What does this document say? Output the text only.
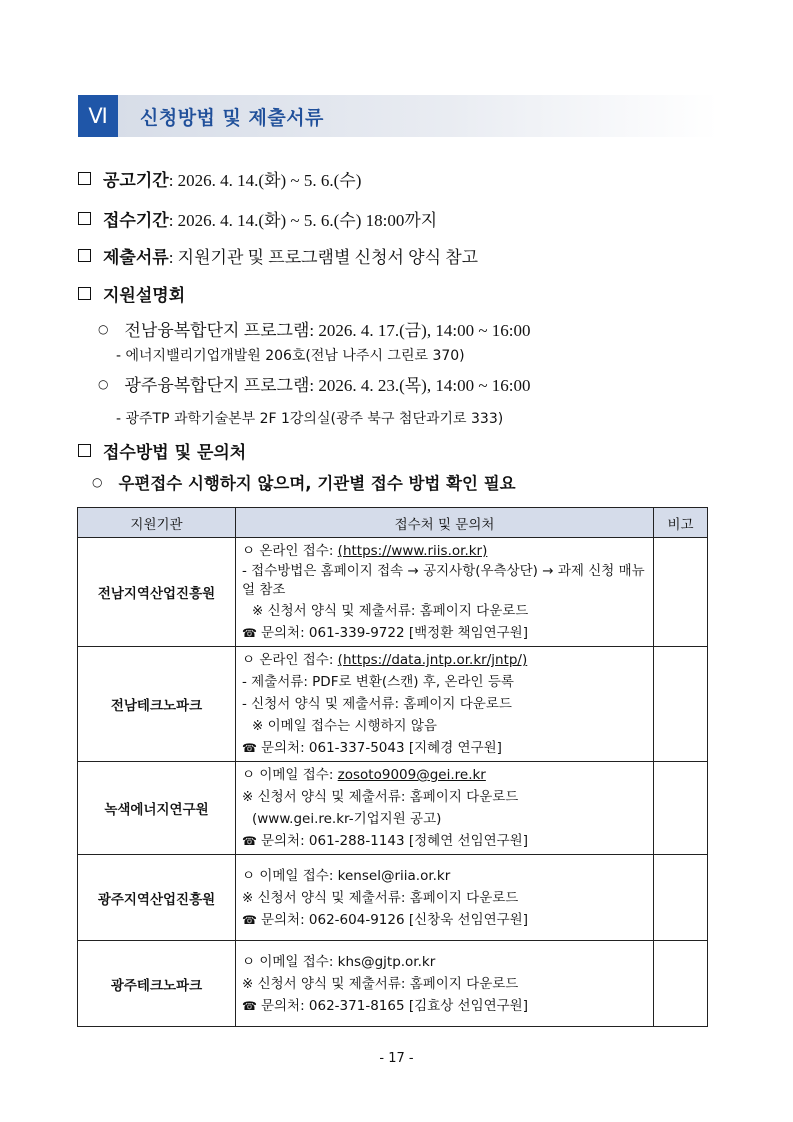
Ⅵ	신청방법 및 제출서류
공고기간 : 2026. 4. 14.(화) ~ 5. 6.(수)
접수기간 : 2026. 4. 14.(화) ~ 5. 6.(수) 18:00까지
제출서류 : 지원기관 및 프로그램별 신청서 양식 참고
지원설명회
○ 전남융복합단지 프로그램: 2026. 4. 17.(금), 14:00 ~ 16:00
- 에너지밸리기업개발원 206호(전남 나주시 그린로 370)
○ 광주융복합단지 프로그램: 2026. 4. 23.(목), 14:00 ~ 16:00
- 광주TP 과학기술본부 2F 1강의실(광주 북구 첨단과기로 333)
접수방법 및 문의처
○ 우편접수 시행하지 않으며, 기관별 접수 방법 확인 필요
지원기관	접수처 및 문의처	비고
전남지역산업진흥원	ㅇ 온라인 접수: (https://www.riis.or.kr)
- 접수방법은 홈페이지 접속 → 공지사항(우측상단) → 과제 신청 매뉴얼 참조
※ 신청서 양식 및 제출서류: 홈페이지 다운로드
☎ 문의처: 061-339-9722 [백정환 책임연구원]	

전남테크노파크	ㅇ 온라인 접수: (https://data.jntp.or.kr/jntp/)
- 제출서류: PDF로 변환(스캔) 후, 온라인 등록
- 신청서 양식 및 제출서류: 홈페이지 다운로드
※ 이메일 접수는 시행하지 않음
☎ 문의처: 061-337-5043 [지혜경 연구원]	

녹색에너지연구원	ㅇ 이메일 접수: zosoto9009@gei.re.kr
※ 신청서 양식 및 제출서류: 홈페이지 다운로드
(www.gei.re.kr-기업지원 공고)
☎ 문의처: 061-288-1143 [정혜연 선임연구원]	

광주지역산업진흥원	ㅇ 이메일 접수: kensel@riia.or.kr
※ 신청서 양식 및 제출서류: 홈페이지 다운로드
☎ 문의처: 062-604-9126 [신창욱 선임연구원]	

광주테크노파크	ㅇ 이메일 접수: khs@gjtp.or.kr
※ 신청서 양식 및 제출서류: 홈페이지 다운로드
☎ 문의처: 062-371-8165 [김효상 선임연구원]	

- 17 -
